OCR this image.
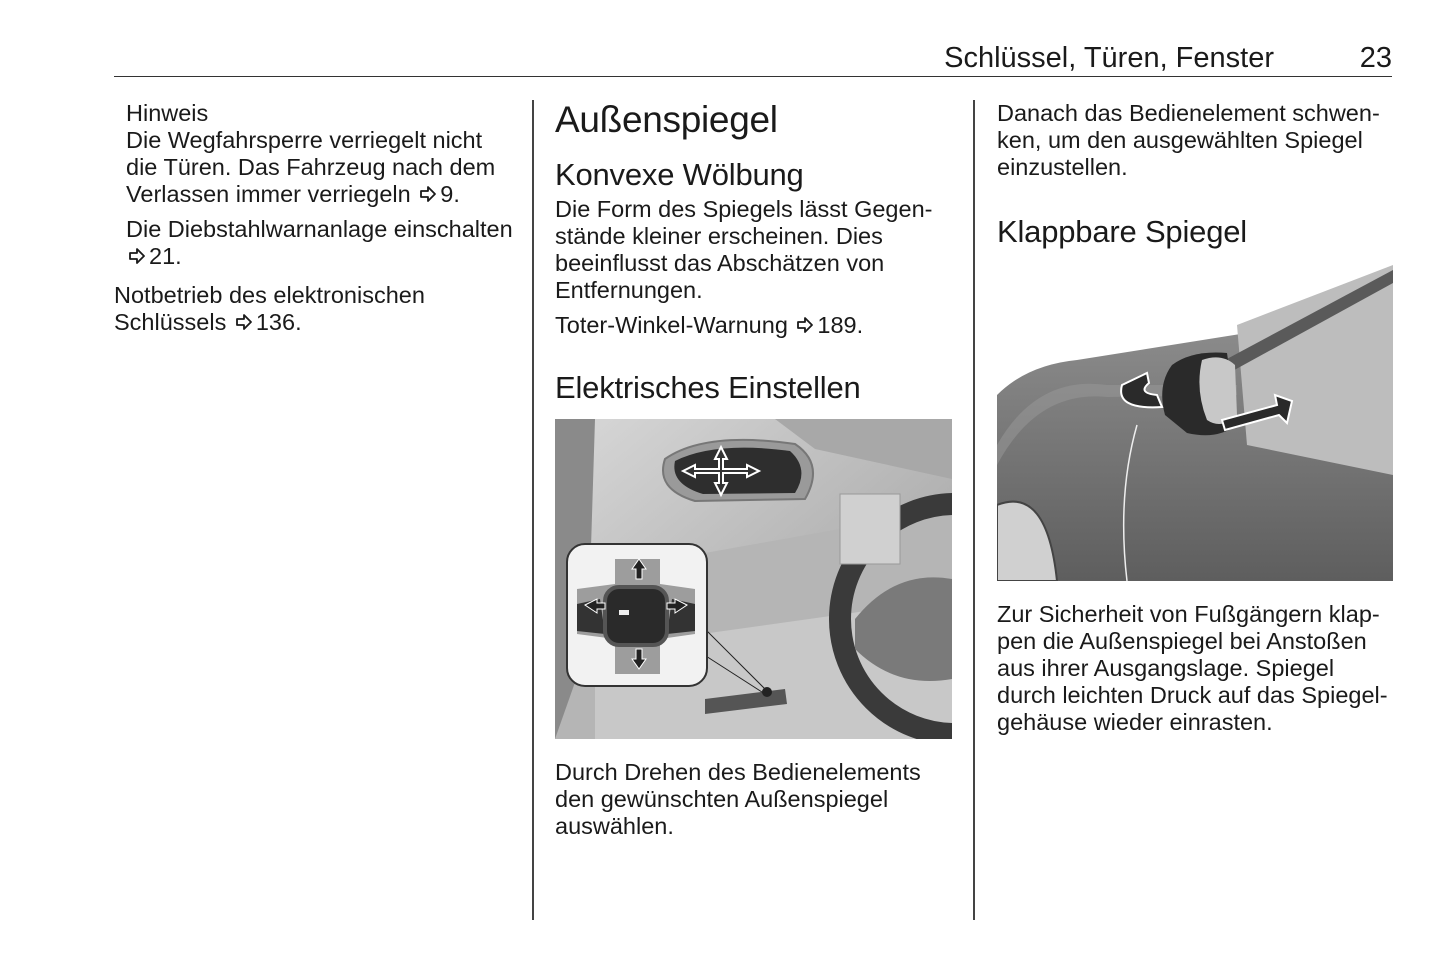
Schlüssel, Türen, Fenster	23
Hinweis

Die Wegfahrsperre verriegelt nicht die Türen. Das Fahrzeug nach dem Verlassen immer verriegeln 9.

Die Diebstahlwarnanlage einschalten 21.

Notbetrieb des elektronischen Schlüssels 136.

Außenspiegel
Konvexe Wölbung

Die Form des Spiegels lässt Gegenstände kleiner erscheinen. Dies beeinflusst das Abschätzen von Entfernungen.

Toter-Winkel-Warnung 189.

Elektrisches Einstellen

Durch Drehen des Bedienelements den gewünschten Außenspiegel auswählen.

Danach das Bedienelement schwenken, um den ausgewählten Spiegel einzustellen.

Klappbare Spiegel

Zur Sicherheit von Fußgängern klappen die Außenspiegel bei Anstoßen aus ihrer Ausgangslage. Spiegel durch leichten Druck auf das Spiegelgehäuse wieder einrasten.
